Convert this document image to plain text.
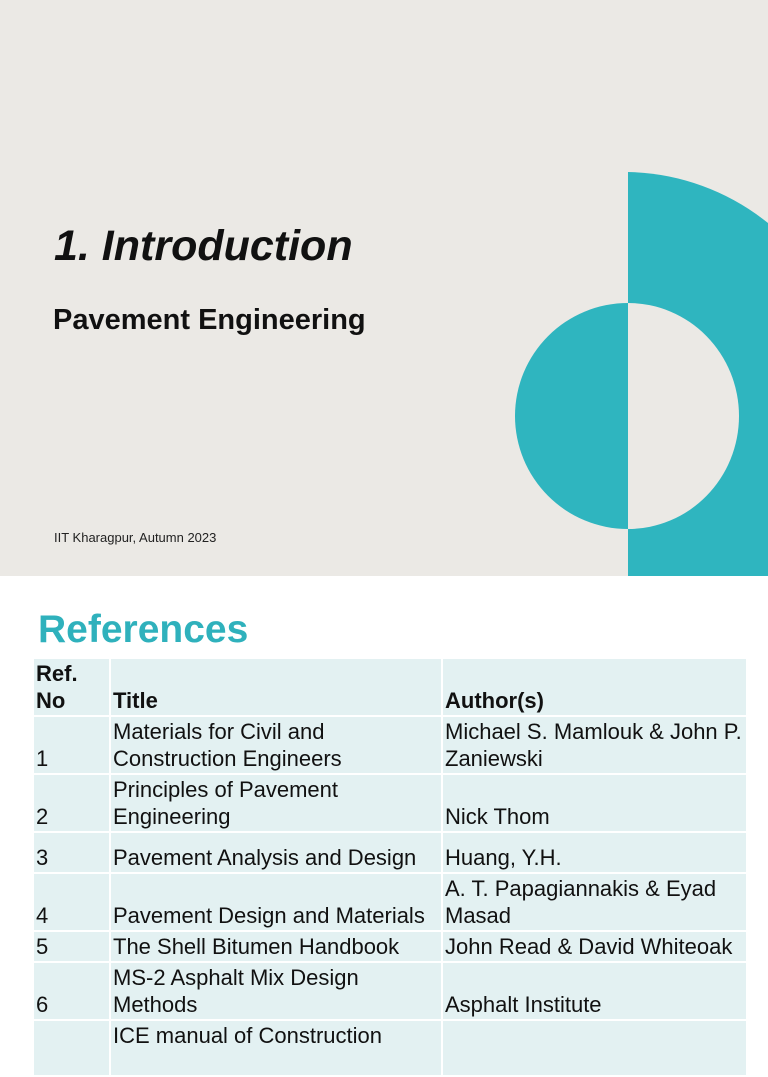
1. Introduction
Pavement Engineering
IIT Kharagpur, Autumn 2023
References
Ref. No	Title	Author(s)
1	Materials for Civil and Construction Engineers	Michael S. Mamlouk & John P. Zaniewski
2	Principles of Pavement Engineering	Nick Thom
3	Pavement Analysis and Design	Huang, Y.H.
4	Pavement Design and Materials	A. T. Papagiannakis & Eyad Masad
5	The Shell Bitumen Handbook	John Read & David Whiteoak
6	MS-2 Asphalt Mix Design Methods	Asphalt Institute
	ICE manual of Construction	
